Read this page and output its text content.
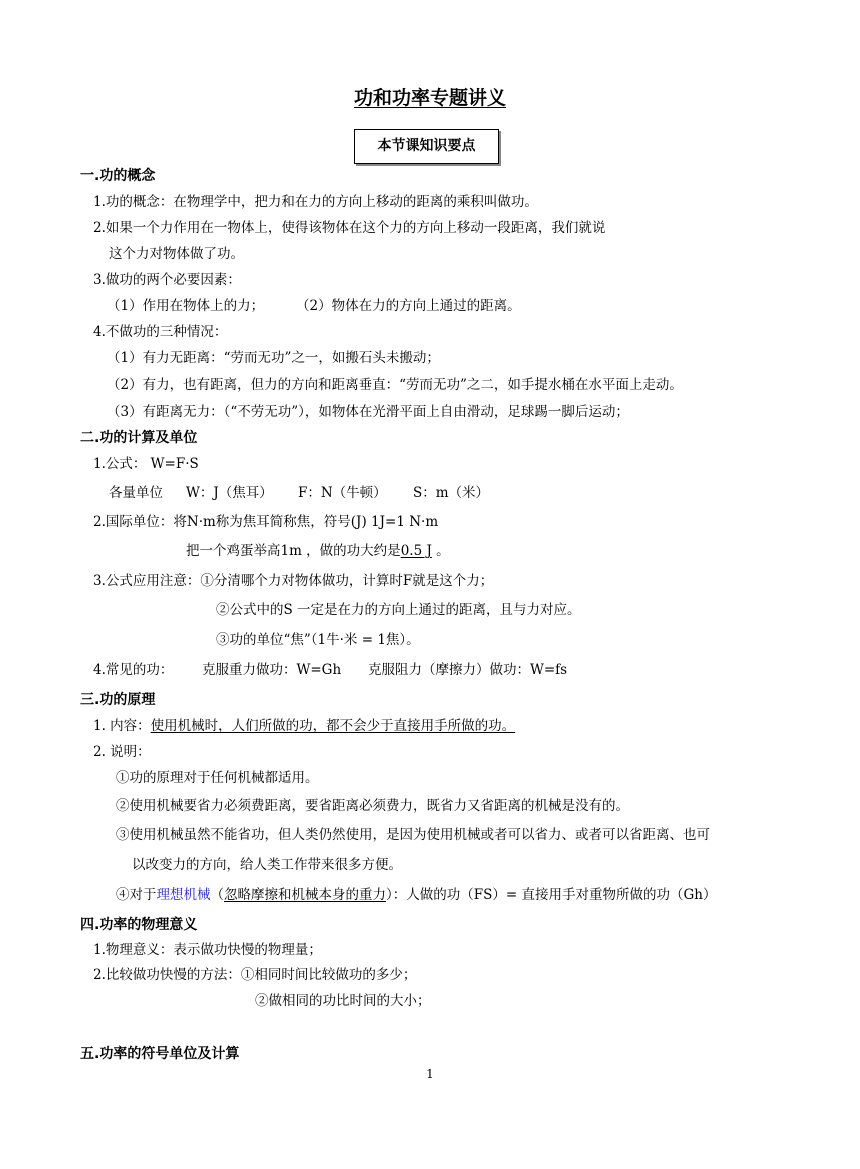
功和功率专题讲义
本节课知识要点
一.功的概念
1.功的概念：在物理学中，把力和在力的方向上移动的距离的乘积叫做功。
2.如果一个力作用在一物体上，使得该物体在这个力的方向上移动一段距离，我们就说
这个力对物体做了功。
3.做功的两个必要因素：
（1）作用在物体上的力； （2）物体在力的方向上通过的距离。
4.不做功的三种情况：
（1）有力无距离：“劳而无功”之一，如搬石头未搬动；
（2）有力，也有距离，但力的方向和距离垂直：“劳而无功”之二，如手提水桶在水平面上走动。
（3）有距离无力：（“不劳无功”），如物体在光滑平面上自由滑动，足球踢一脚后运动；
二.功的计算及单位
1.公式： W=F·S
各量单位 W：J（焦耳） F：N（牛顿） S：m（米）
2.国际单位：将N·m称为焦耳简称焦，符号(J) 1J=1 N·m
把一个鸡蛋举高1m ，做的功大约是0.5 J 。
3.公式应用注意：①分清哪个力对物体做功，计算时F就是这个力；
②公式中的S 一定是在力的方向上通过的距离，且与力对应。
③功的单位“焦”（1牛·米 = 1焦）。
4.常见的功： 克服重力做功：W=Gh 克服阻力（摩擦力）做功：W=fs
三.功的原理
1. 内容：使用机械时，人们所做的功，都不会少于直接用手所做的功。
2. 说明：
①功的原理对于任何机械都适用。
②使用机械要省力必须费距离，要省距离必须费力，既省力又省距离的机械是没有的。
③使用机械虽然不能省功，但人类仍然使用，是因为使用机械或者可以省力、或者可以省距离、也可
以改变力的方向，给人类工作带来很多方便。
④对于理想机械（忽略摩擦和机械本身的重力）：人做的功（FS）= 直接用手对重物所做的功（Gh）
四.功率的物理意义
1.物理意义：表示做功快慢的物理量；
2.比较做功快慢的方法：①相同时间比较做功的多少；
②做相同的功比时间的大小；
五.功率的符号单位及计算
1
